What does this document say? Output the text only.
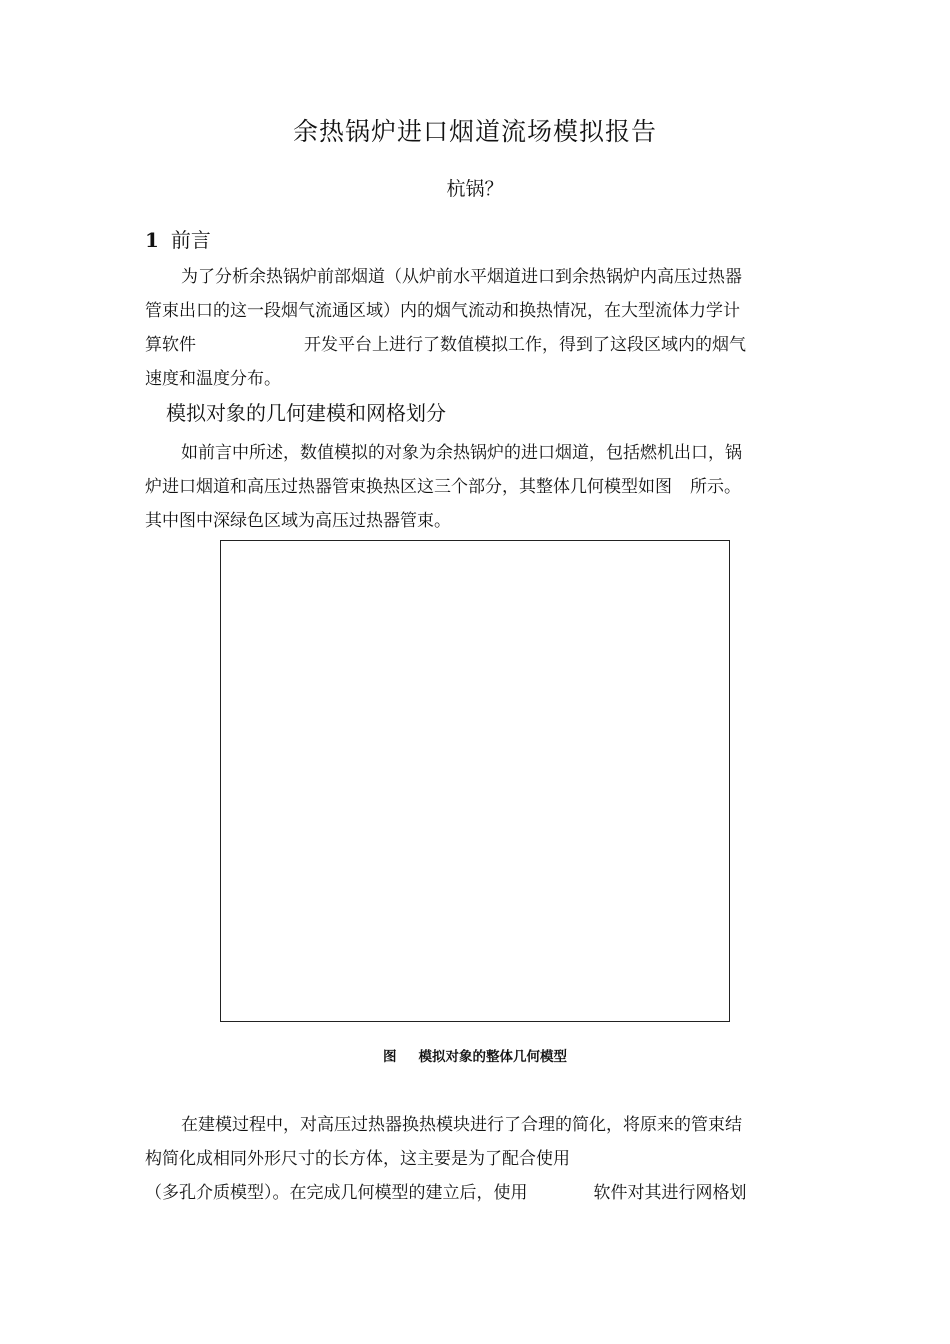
余热锅炉进口烟道流场模拟报告
杭锅？
1 前言
为了分析余热锅炉前部烟道（从炉前水平烟道进口到余热锅炉内高压过热器
管束出口的这一段烟气流通区域）内的烟气流动和换热情况，在大型流体力学计
算软件	开发平台上进行了数值模拟工作，得到了这段区域内的烟气
速度和温度分布。
模拟对象的几何建模和网格划分
如前言中所述，数值模拟的对象为余热锅炉的进口烟道，包括燃机出口，锅
炉进口烟道和高压过热器管束换热区这三个部分，其整体几何模型如图 所示。
其中图中深绿色区域为高压过热器管束。
图 模拟对象的整体几何模型
在建模过程中，对高压过热器换热模块进行了合理的简化，将原来的管束结
构简化成相同外形尺寸的长方体，这主要是为了配合使用
（多孔介质模型）。在完成几何模型的建立后，使用	软件对其进行网格划
